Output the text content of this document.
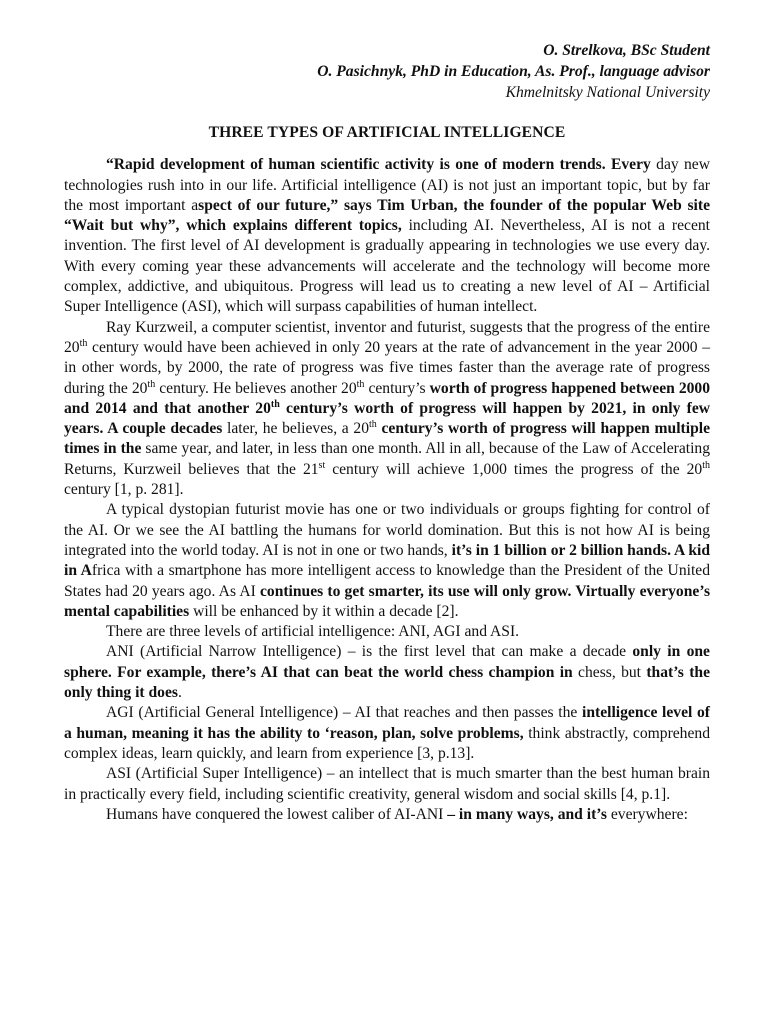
O. Strelkova, BSc Student
O. Pasichnyk, PhD in Education, As. Prof., language advisor
Khmelnitsky National University
THREE TYPES OF ARTIFICIAL INTELLIGENCE

“Rapid development of human scientific activity is one of modern trends. Every day new technologies rush into in our life. Artificial intelligence (AI) is not just an important topic, but by far the most important aspect of our future,” says Tim Urban, the founder of the popular Web site “Wait but why”, which explains different topics, including AI. Nevertheless, AI is not a recent invention. The first level of AI development is gradually appearing in technologies we use every day. With every coming year these advancements will accelerate and the technology will become more complex, addictive, and ubiquitous. Progress will lead us to creating a new level of AI – Artificial Super Intelligence (ASI), which will surpass capabilities of human intellect.

Ray Kurzweil, a computer scientist, inventor and futurist, suggests that the progress of the entire 20th century would have been achieved in only 20 years at the rate of advancement in the year 2000 – in other words, by 2000, the rate of progress was five times faster than the average rate of progress during the 20th century. He believes another 20th century’s worth of progress happened between 2000 and 2014 and that another 20th century’s worth of progress will happen by 2021, in only few years. A couple decades later, he believes, a 20th century’s worth of progress will happen multiple times in the same year, and later, in less than one month. All in all, because of the Law of Accelerating Returns, Kurzweil believes that the 21st century will achieve 1,000 times the progress of the 20th century [1, p. 281].

A typical dystopian futurist movie has one or two individuals or groups fighting for control of the AI. Or we see the AI battling the humans for world domination. But this is not how AI is being integrated into the world today. AI is not in one or two hands, it’s in 1 billion or 2 billion hands. A kid in Africa with a smartphone has more intelligent access to knowledge than the President of the United States had 20 years ago. As AI continues to get smarter, its use will only grow. Virtually everyone’s mental capabilities will be enhanced by it within a decade [2].

There are three levels of artificial intelligence: ANI, AGI and ASI.

ANI (Artificial Narrow Intelligence) – is the first level that can make a decade only in one sphere. For example, there’s AI that can beat the world chess champion in chess, but that’s the only thing it does.

AGI (Artificial General Intelligence) – AI that reaches and then passes the intelligence level of a human, meaning it has the ability to ‘reason, plan, solve problems, think abstractly, comprehend complex ideas, learn quickly, and learn from experience [3, p.13].

ASI (Artificial Super Intelligence) – an intellect that is much smarter than the best human brain in practically every field, including scientific creativity, general wisdom and social skills [4, p.1].

Humans have conquered the lowest caliber of AI-ANI – in many ways, and it’s everywhere:
